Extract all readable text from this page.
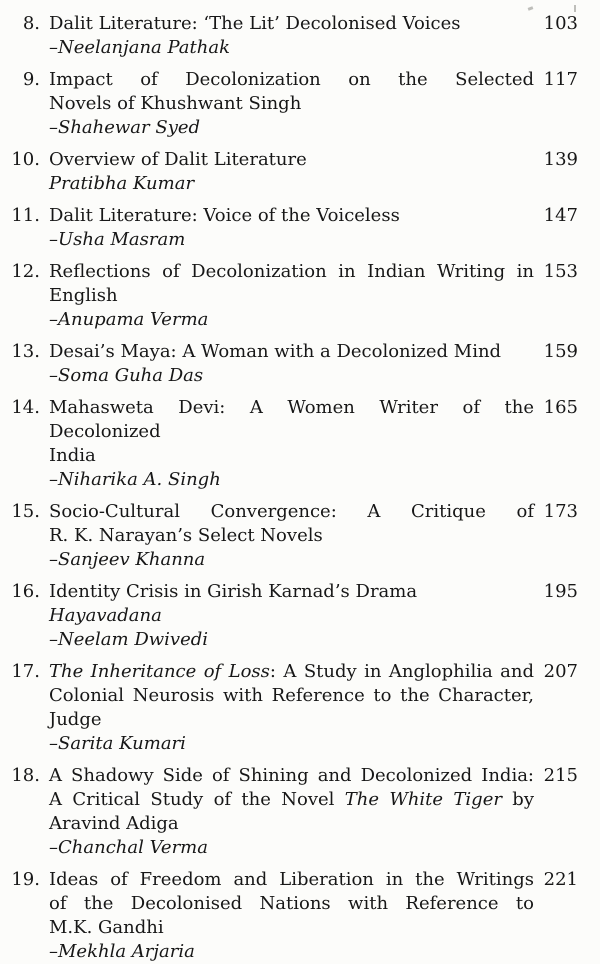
8. Dalit Literature: ‘The Lit’ Decolonised Voices
–Neelanjana Pathak
103
9. Impact of Decolonization on the Selected
Novels of Khushwant Singh
–Shahewar Syed
117
10. Overview of Dalit Literature
Pratibha Kumar
139
11. Dalit Literature: Voice of the Voiceless
–Usha Masram
147
12. Reflections of Decolonization in Indian Writing in
English
–Anupama Verma
153
13. Desai’s Maya: A Woman with a Decolonized Mind
–Soma Guha Das
159
14. Mahasweta Devi: A Women Writer of the Decolonized
India
–Niharika A. Singh
165
15. Socio-Cultural Convergence: A Critique of
R. K. Narayan’s Select Novels
–Sanjeev Khanna
173
16. Identity Crisis in Girish Karnad’s Drama Hayavadana
–Neelam Dwivedi
195
17. The Inheritance of Loss: A Study in Anglophilia and
Colonial Neurosis with Reference to the Character,
Judge
–Sarita Kumari
207
18. A Shadowy Side of Shining and Decolonized India:
A Critical Study of the Novel The White Tiger by
Aravind Adiga
–Chanchal Verma
215
19. Ideas of Freedom and Liberation in the Writings
of the Decolonised Nations with Reference to
M.K. Gandhi
–Mekhla Arjaria
221
